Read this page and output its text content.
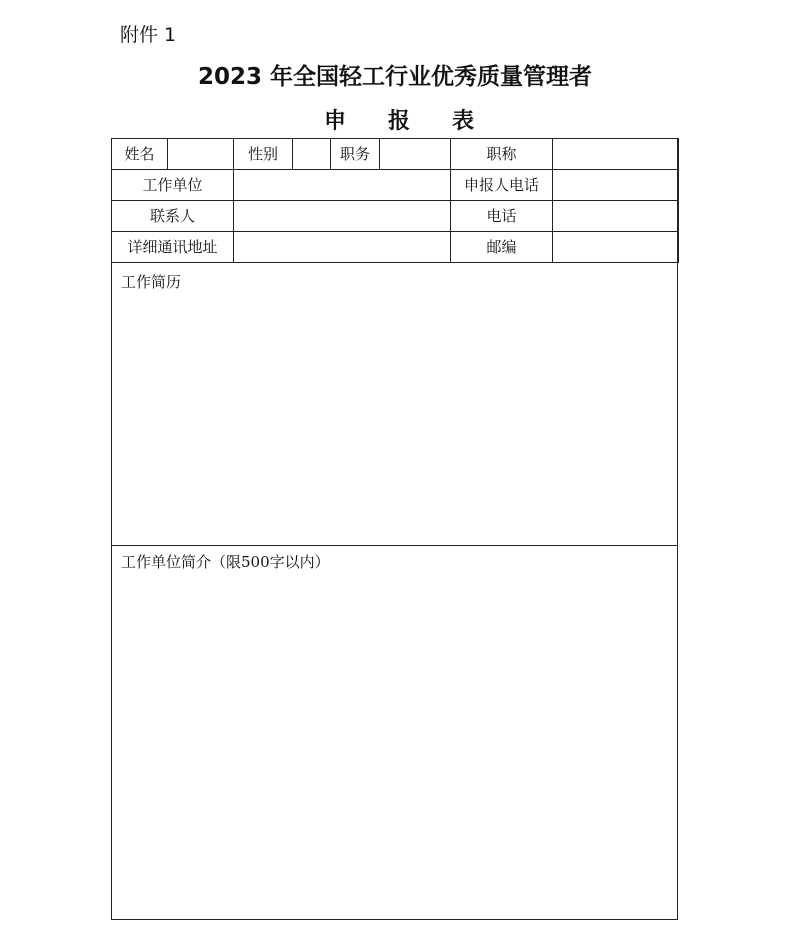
附件 1
2023 年全国轻工行业优秀质量管理者
申 报 表
姓名		性别		职务		职称	
工作单位						申报人电话	
联系人						电话	
详细通讯地址						邮编	
工作简历
工作单位简介（限500字以内）
